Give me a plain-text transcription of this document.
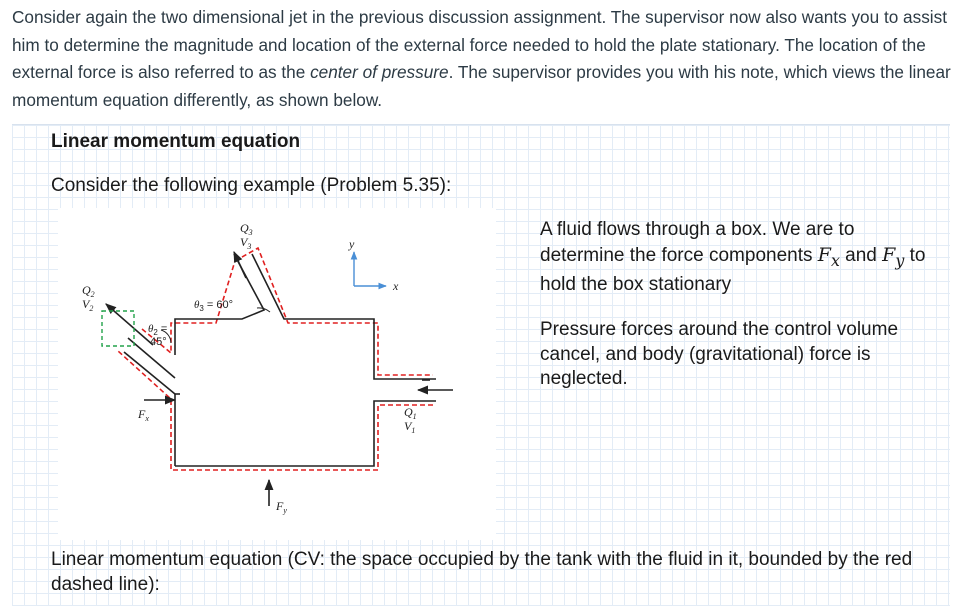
Consider again the two dimensional jet in the previous discussion assignment. The supervisor now also wants you to assist him to determine the magnitude and location of the external force needed to hold the plate stationary. The location of the external force is also referred to as the center of pressure. The supervisor provides you with his note, which views the linear momentum equation differently, as shown below.
Linear momentum equation
Consider the following example (Problem 5.35):
$Q_3$
$V_3$	y
x
$Q_2$
$V_2$	$\theta_3 = 60^\circ$
$\theta_2$ =
45°
$F_x$
$F_y$
$Q_1$
$V_1$
A fluid flows through a box. We are to determine the force components $F_x$ and $F_y$ to hold the box stationary
Pressure forces around the control volume cancel, and body (gravitational) force is neglected.
Linear momentum equation (CV: the space occupied by the tank with the fluid in it, bounded by the red dashed line):
